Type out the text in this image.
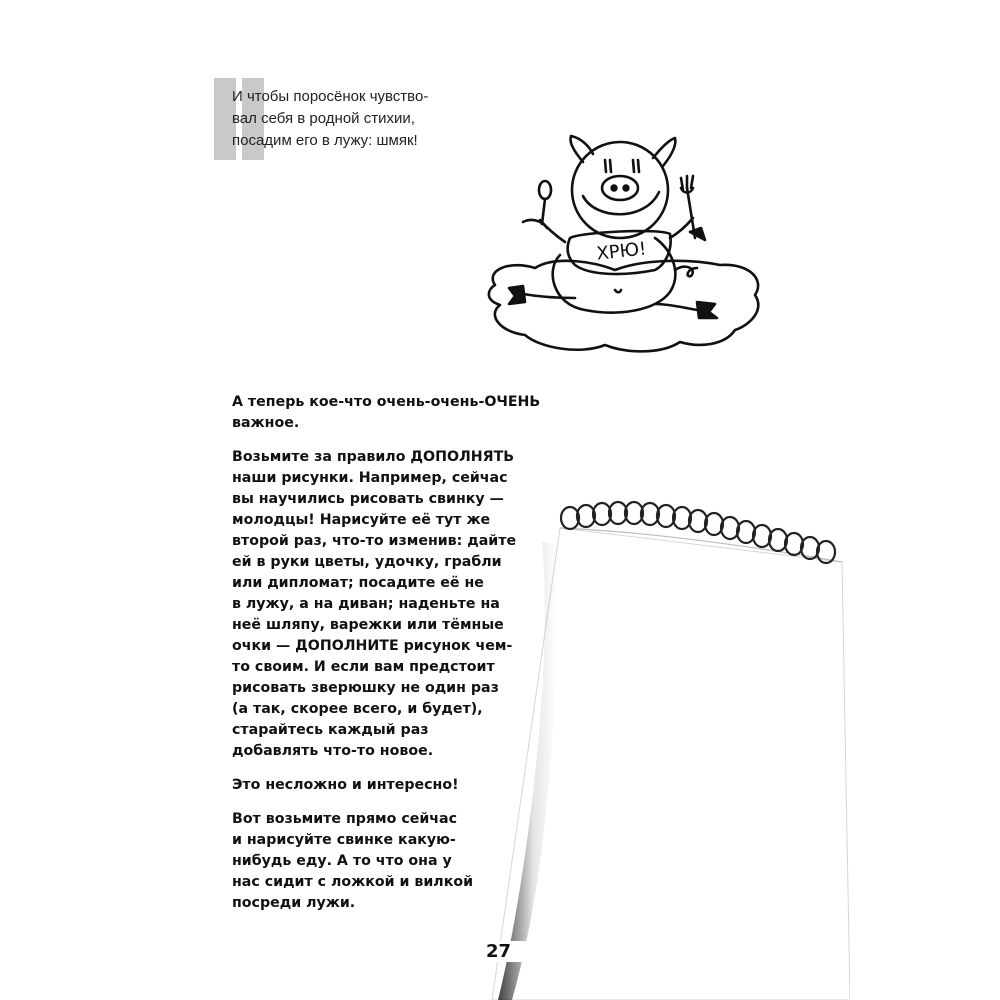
И чтобы поросёнок чувство-
вал себя в родной стихии,
посадим его в лужу: шмяк!

ХРЮ!

А теперь кое-что очень-очень-ОЧЕНЬ
важное.

Возьмите за правило ДОПОЛНЯТЬ
наши рисунки. Например, сейчас
вы научились рисовать свинку —
молодцы! Нарисуйте её тут же
второй раз, что-то изменив: дайте
ей в руки цветы, удочку, грабли
или дипломат; посадите её не
в лужу, а на диван; наденьте на
неё шляпу, варежки или тёмные
очки — ДОПОЛНИТЕ рисунок чем-
то своим. И если вам предстоит
рисовать зверюшку не один раз
(а так, скорее всего, и будет),
старайтесь каждый раз
добавлять что-то новое.

Это несложно и интересно!

Вот возьмите прямо сейчас
и нарисуйте свинке какую-
нибудь еду. А то что она у
нас сидит с ложкой и вилкой
посреди лужи.

27
